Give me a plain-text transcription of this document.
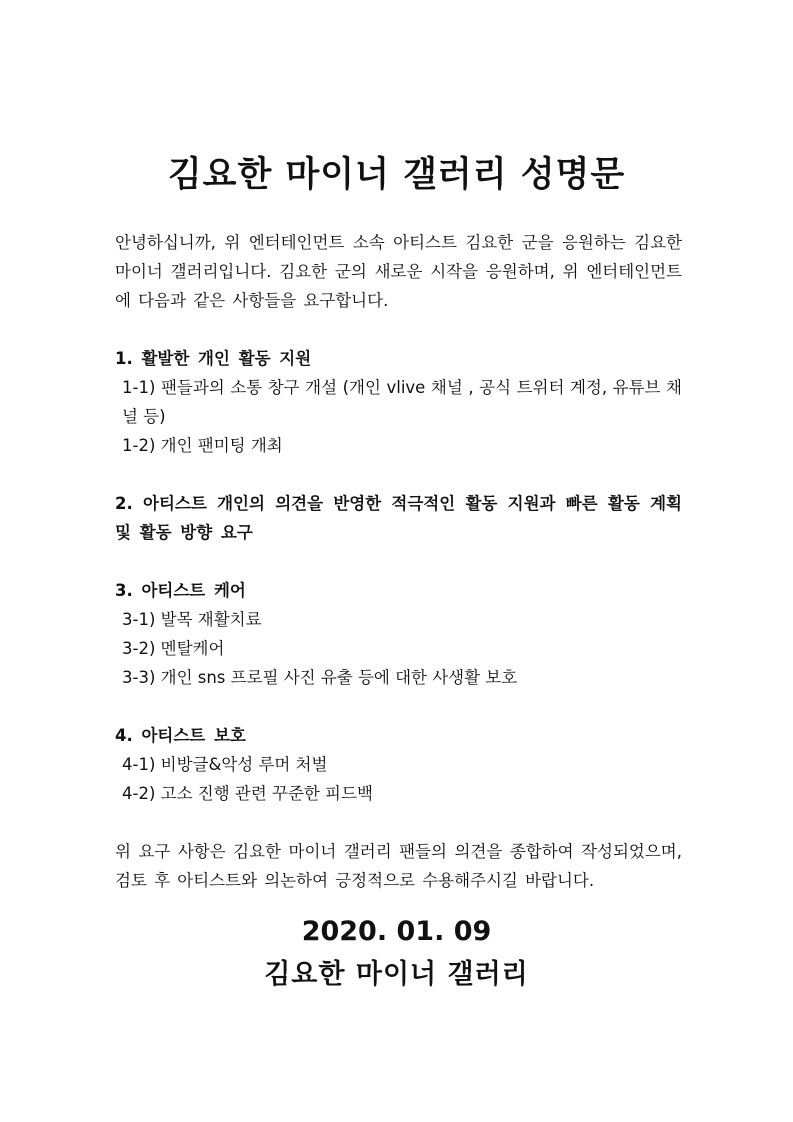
김요한 마이너 갤러리 성명문

안녕하십니까, 위 엔터테인먼트 소속 아티스트 김요한 군을 응원하는 김요한 마이너 갤러리입니다. 김요한 군의 새로운 시작을 응원하며, 위 엔터테인먼트에 다음과 같은 사항들을 요구합니다.

1. 활발한 개인 활동 지원

1-1) 팬들과의 소통 창구 개설 (개인 vlive 채널 , 공식 트위터 계정, 유튜브 채널 등)

1-2) 개인 팬미팅 개최

2. 아티스트 개인의 의견을 반영한 적극적인 활동 지원과 빠른 활동 계획 및 활동 방향 요구

3. 아티스트 케어

3-1) 발목 재활치료

3-2) 멘탈케어

3-3) 개인 sns 프로필 사진 유출 등에 대한 사생활 보호

4. 아티스트 보호

4-1) 비방글&악성 루머 처벌

4-2) 고소 진행 관련 꾸준한 피드백

위 요구 사항은 김요한 마이너 갤러리 팬들의 의견을 종합하여 작성되었으며, 검토 후 아티스트와 의논하여 긍정적으로 수용해주시길 바랍니다.

2020. 01. 09

김요한 마이너 갤러리
